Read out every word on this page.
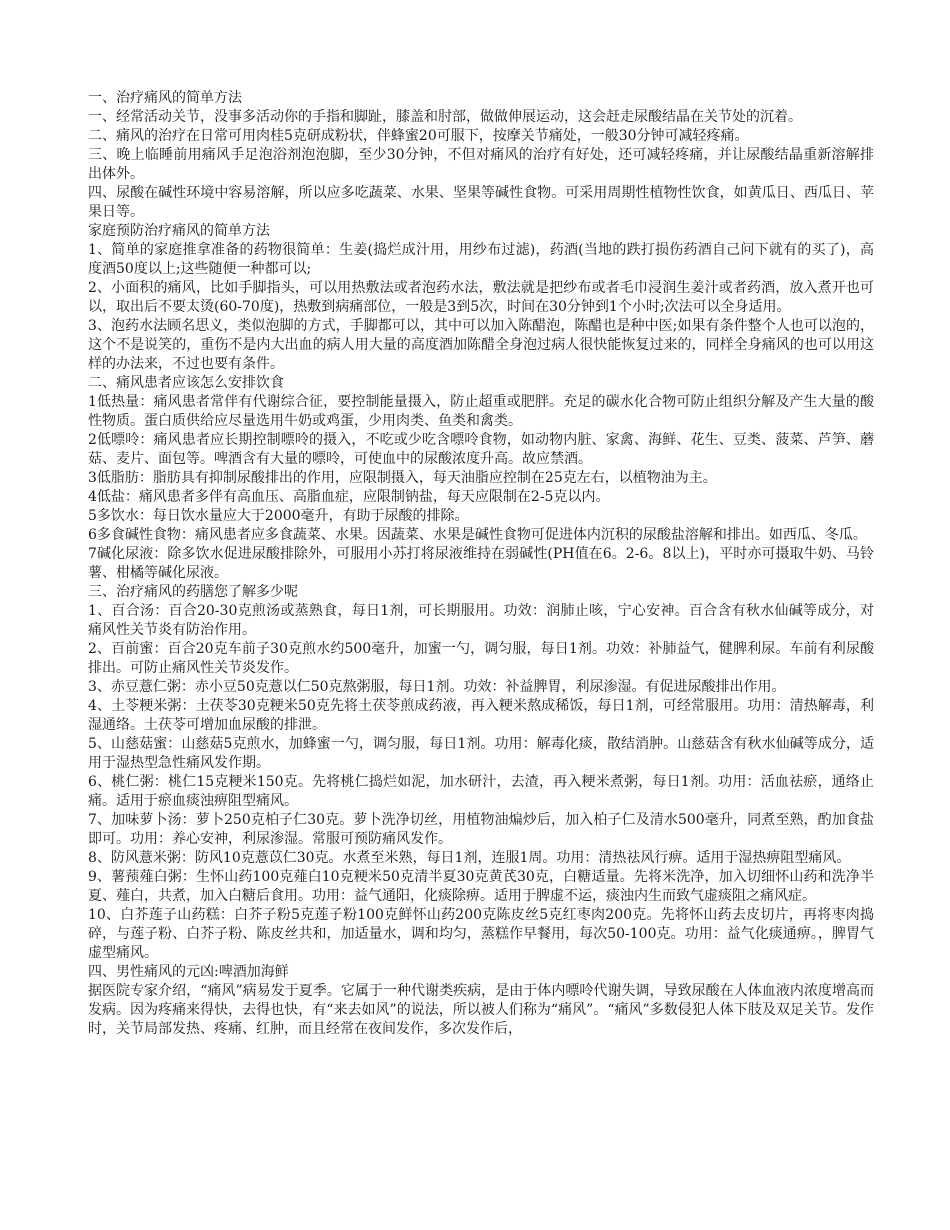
一、治疗痛风的简单方法

一、经常活动关节，没事多活动你的手指和脚趾，膝盖和肘部，做做伸展运动，这会赶走尿酸结晶在关节处的沉着。

二、痛风的治疗在日常可用肉桂5克研成粉状，伴蜂蜜20可服下，按摩关节痛处，一般30分钟可减轻疼痛。

三、晚上临睡前用痛风手足泡浴剂泡泡脚，至少30分钟，不但对痛风的治疗有好处，还可减轻疼痛，并让尿酸结晶重新溶解排出体外。

四、尿酸在碱性环境中容易溶解，所以应多吃蔬菜、水果、坚果等碱性食物。可采用周期性植物性饮食，如黄瓜日、西瓜日、苹果日等。

家庭预防治疗痛风的简单方法

1、简单的家庭推拿准备的药物很简单：生姜(捣烂成汁用，用纱布过滤)，药酒(当地的跌打损伤药酒自己问下就有的买了)，高度酒50度以上;这些随便一种都可以;

2、小面积的痛风，比如手脚指头，可以用热敷法或者泡药水法，敷法就是把纱布或者毛巾浸润生姜汁或者药酒，放入煮开也可以，取出后不要太烫(60-70度)，热敷到病痛部位，一般是3到5次，时间在30分钟到1个小时;次法可以全身适用。

3、泡药水法顾名思义，类似泡脚的方式，手脚都可以，其中可以加入陈醋泡，陈醋也是种中医;如果有条件整个人也可以泡的，这个不是说笑的，重伤不是内大出血的病人用大量的高度酒加陈醋全身泡过病人很快能恢复过来的，同样全身痛风的也可以用这样的办法来，不过也要有条件。

二、痛风患者应该怎么安排饮食

1低热量：痛风患者常伴有代谢综合征，要控制能量摄入，防止超重或肥胖。充足的碳水化合物可防止组织分解及产生大量的酸性物质。蛋白质供给应尽量选用牛奶或鸡蛋，少用肉类、鱼类和禽类。

2低嘌呤：痛风患者应长期控制嘌呤的摄入，不吃或少吃含嘌呤食物，如动物内脏、家禽、海鲜、花生、豆类、菠菜、芦笋、蘑菇、麦片、面包等。啤酒含有大量的嘌呤，可使血中的尿酸浓度升高。故应禁酒。

3低脂肪：脂肪具有抑制尿酸排出的作用，应限制摄入，每天油脂应控制在25克左右，以植物油为主。

4低盐：痛风患者多伴有高血压、高脂血症，应限制钠盐，每天应限制在2-5克以内。

5多饮水：每日饮水量应大于2000毫升，有助于尿酸的排除。

6多食碱性食物：痛风患者应多食蔬菜、水果。因蔬菜、水果是碱性食物可促进体内沉积的尿酸盐溶解和排出。如西瓜、冬瓜。

7碱化尿液：除多饮水促进尿酸排除外，可服用小苏打将尿液维持在弱碱性(PH值在6。2-6。8以上)，平时亦可摄取牛奶、马铃薯、柑橘等碱化尿液。

三、治疗痛风的药膳您了解多少呢

1、百合汤：百合20-30克煎汤或蒸熟食，每日1剂，可长期服用。功效：润肺止咳，宁心安神。百合含有秋水仙碱等成分，对痛风性关节炎有防治作用。

2、百前蜜：百合20克车前子30克煎水约500毫升，加蜜一勺，调匀服，每日1剂。功效：补肺益气，健脾利尿。车前有利尿酸排出。可防止痛风性关节炎发作。

3、赤豆薏仁粥：赤小豆50克薏以仁50克熬粥服，每日1剂。功效：补益脾胃，利尿渗湿。有促进尿酸排出作用。

4、土苓粳米粥：土茯苓30克粳米50克先将土茯苓煎成药液，再入粳米熬成稀饭，每日1剂，可经常服用。功用：清热解毒，利湿通络。土茯苓可增加血尿酸的排泄。

5、山慈菇蜜：山慈菇5克煎水，加蜂蜜一勺，调匀服，每日1剂。功用：解毒化痰，散结消肿。山慈菇含有秋水仙碱等成分，适用于湿热型急性痛风发作期。

6、桃仁粥：桃仁15克粳米150克。先将桃仁捣烂如泥，加水研汁，去渣，再入粳米煮粥，每日1剂。功用：活血祛瘀，通络止痛。适用于瘀血痰浊痹阻型痛风。

7、加味萝卜汤：萝卜250克柏子仁30克。萝卜洗净切丝，用植物油煸炒后，加入柏子仁及清水500毫升，同煮至熟，酌加食盐即可。功用：养心安神，利尿渗湿。常服可预防痛风发作。

8、防风薏米粥：防风10克薏苡仁30克。水煮至米熟，每日1剂，连服1周。功用：清热祛风行痹。适用于湿热痹阻型痛风。

9、薯蓣薤白粥：生怀山药100克薤白10克粳米50克清半夏30克黄芪30克，白糖适量。先将米洗净，加入切细怀山药和洗净半夏、薤白，共煮，加入白糖后食用。功用：益气通阳，化痰除痹。适用于脾虚不运，痰浊内生而致气虚痰阻之痛风症。

10、白芥莲子山药糕：白芥子粉5克莲子粉100克鲜怀山药200克陈皮丝5克红枣肉200克。先将怀山药去皮切片，再将枣肉捣碎，与莲子粉、白芥子粉、陈皮丝共和，加适量水，调和均匀，蒸糕作早餐用，每次50-100克。功用：益气化痰通痹。，脾胃气虚型痛风。

四、男性痛风的元凶:啤酒加海鲜

据医院专家介绍，“痛风”病易发于夏季。它属于一种代谢类疾病，是由于体内嘌呤代谢失调，导致尿酸在人体血液内浓度增高而发病。因为疼痛来得快，去得也快，有“来去如风”的说法，所以被人们称为“痛风”。“痛风”多数侵犯人体下肢及双足关节。发作时，关节局部发热、疼痛、红肿，而且经常在夜间发作，多次发作后，
